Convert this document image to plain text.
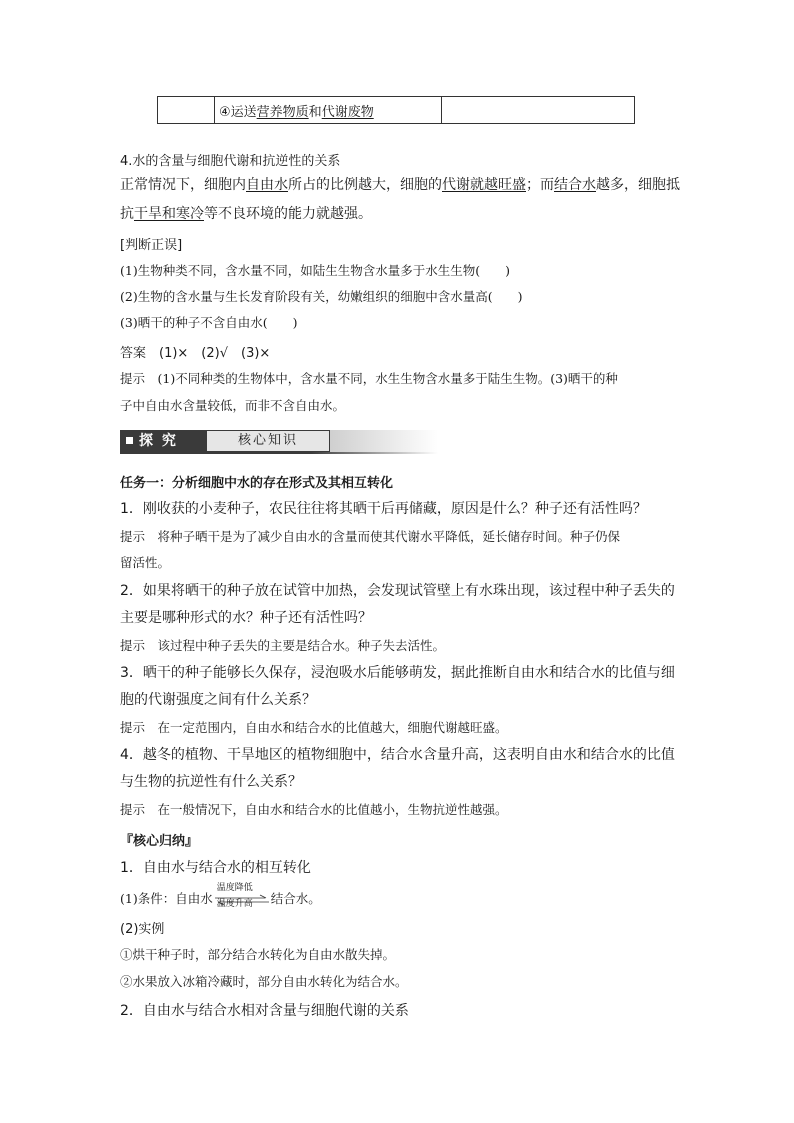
	④运送营养物质和代谢废物	
4.水的含量与细胞代谢和抗逆性的关系
正常情况下，细胞内自由水所占的比例越大，细胞的代谢就越旺盛；而结合水越多，细胞抵
抗干旱和寒冷等不良环境的能力就越强。
[判断正误]
(1)生物种类不同，含水量不同，如陆生生物含水量多于水生生物(　　)
(2)生物的含水量与生长发育阶段有关，幼嫩组织的细胞中含水量高(　　)
(3)晒干的种子不含自由水(　　)
答案　(1)×　(2)√　(3)×
提示　(1)不同种类的生物体中，含水量不同，水生生物含水量多于陆生生物。(3)晒干的种
子中自由水含量较低，而非不含自由水。
探 究	核心知识
任务一：分析细胞中水的存在形式及其相互转化
1．刚收获的小麦种子，农民往往将其晒干后再储藏，原因是什么？种子还有活性吗？
提示　将种子晒干是为了减少自由水的含量而使其代谢水平降低，延长储存时间。种子仍保
留活性。
2．如果将晒干的种子放在试管中加热，会发现试管壁上有水珠出现，该过程中种子丢失的
主要是哪种形式的水？种子还有活性吗？
提示　该过程中种子丢失的主要是结合水。种子失去活性。
3．晒干的种子能够长久保存，浸泡吸水后能够萌发，据此推断自由水和结合水的比值与细
胞的代谢强度之间有什么关系？
提示　在一定范围内，自由水和结合水的比值越大，细胞代谢越旺盛。
4．越冬的植物、干旱地区的植物细胞中，结合水含量升高，这表明自由水和结合水的比值
与生物的抗逆性有什么关系？
提示　在一般情况下，自由水和结合水的比值越小，生物抗逆性越强。
『核心归纳』
1．自由水与结合水的相互转化
(1)条件：自由水
温度降低
温度升高 结合水。
(2)实例
①烘干种子时，部分结合水转化为自由水散失掉。
②水果放入冰箱冷藏时，部分自由水转化为结合水。
2．自由水与结合水相对含量与细胞代谢的关系
